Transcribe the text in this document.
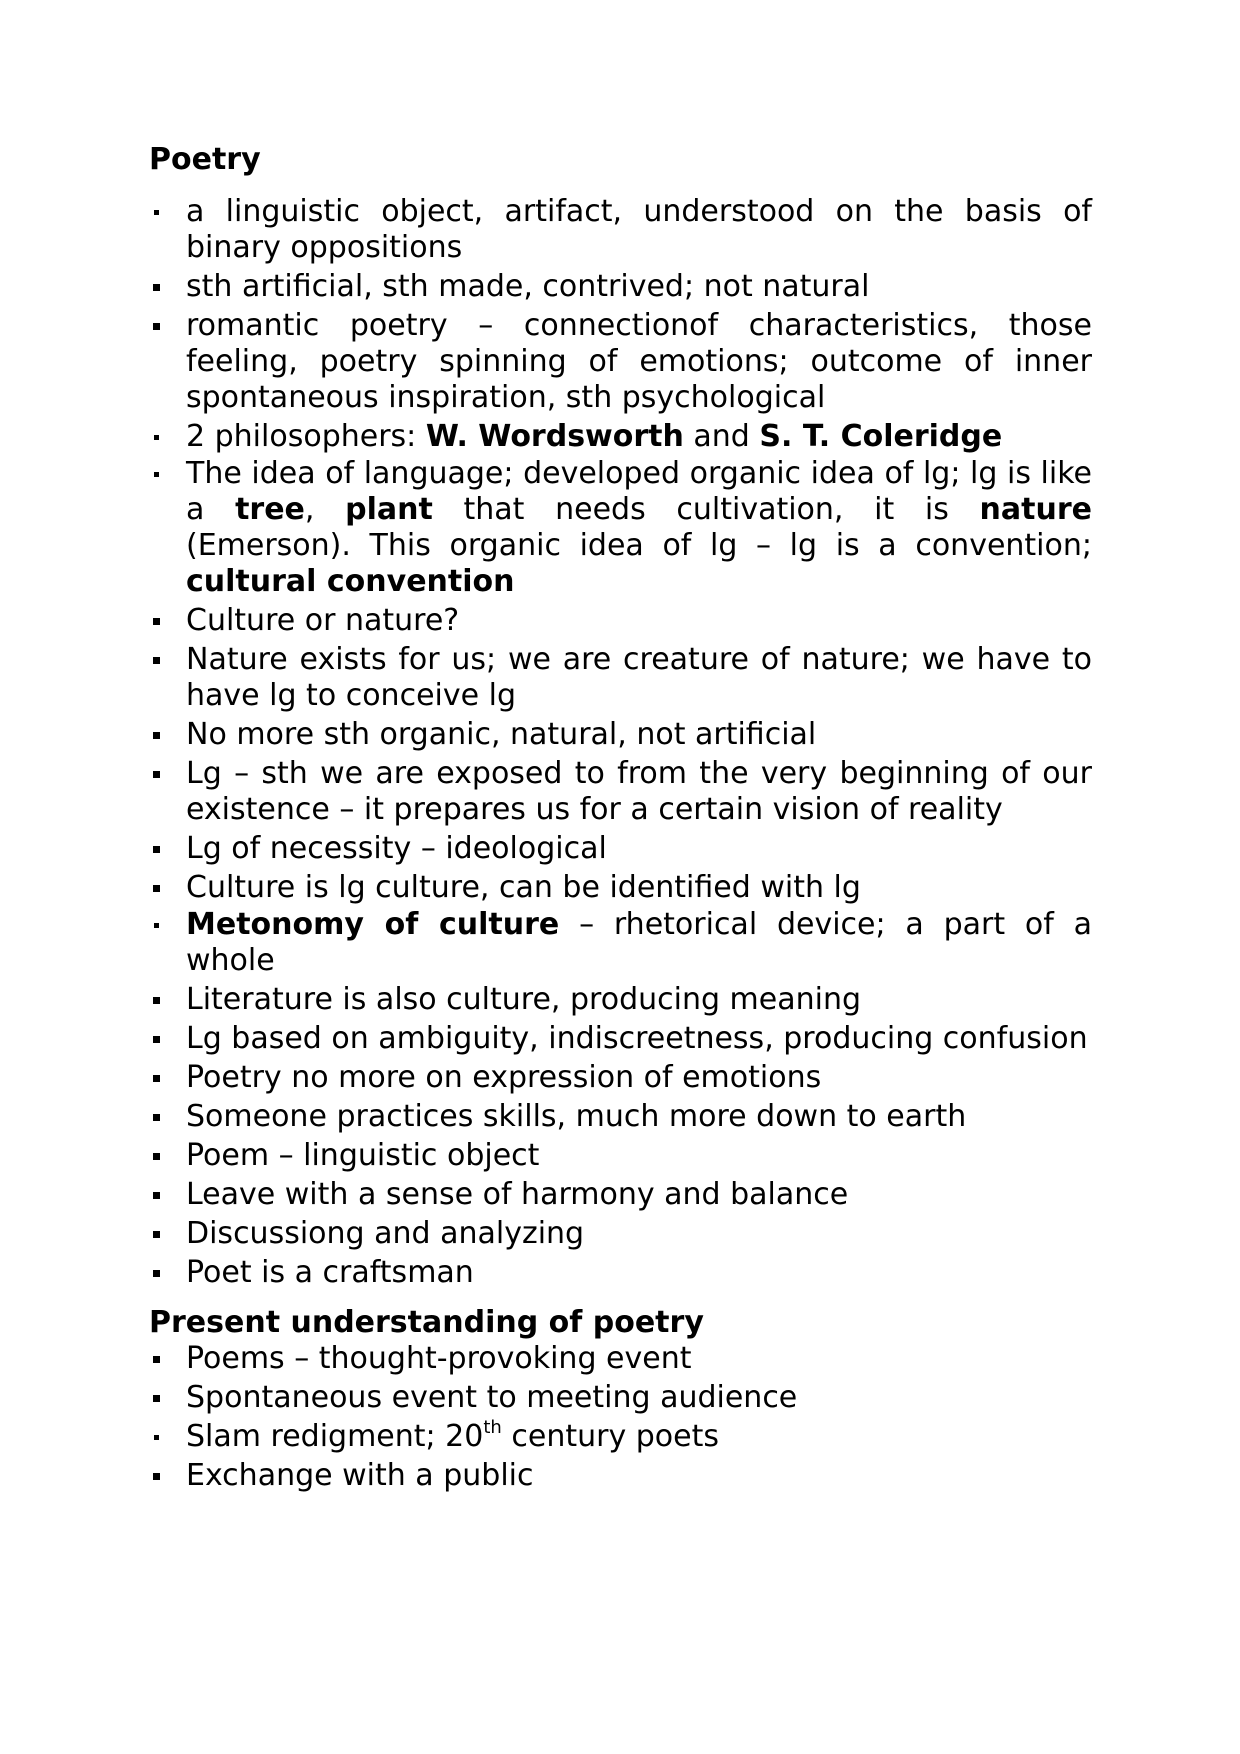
Poetry
a linguistic object, artifact, understood on the basis of binary oppositions
sth artificial, sth made, contrived; not natural
romantic poetry – connectionof characteristics, those feeling, poetry spinning of emotions; outcome of inner spontaneous inspiration, sth psychological
2 philosophers: W. Wordsworth and S. T. Coleridge
The idea of language; developed organic idea of lg; lg is like a tree, plant that needs cultivation, it is nature (Emerson). This organic idea of lg – lg is a convention; cultural convention
Culture or nature?
Nature exists for us; we are creature of nature; we have to have lg to conceive lg
No more sth organic, natural, not artificial
Lg – sth we are exposed to from the very beginning of our existence – it prepares us for a certain vision of reality
Lg of necessity – ideological
Culture is lg culture, can be identified with lg
Metonomy of culture – rhetorical device; a part of a whole
Literature is also culture, producing meaning
Lg based on ambiguity, indiscreetness, producing confusion
Poetry no more on expression of emotions
Someone practices skills, much more down to earth
Poem – linguistic object
Leave with a sense of harmony and balance
Discussiong and analyzing
Poet is a craftsman
Present understanding of poetry
Poems – thought-provoking event
Spontaneous event to meeting audience
Slam redigment; 20th century poets
Exchange with a public
